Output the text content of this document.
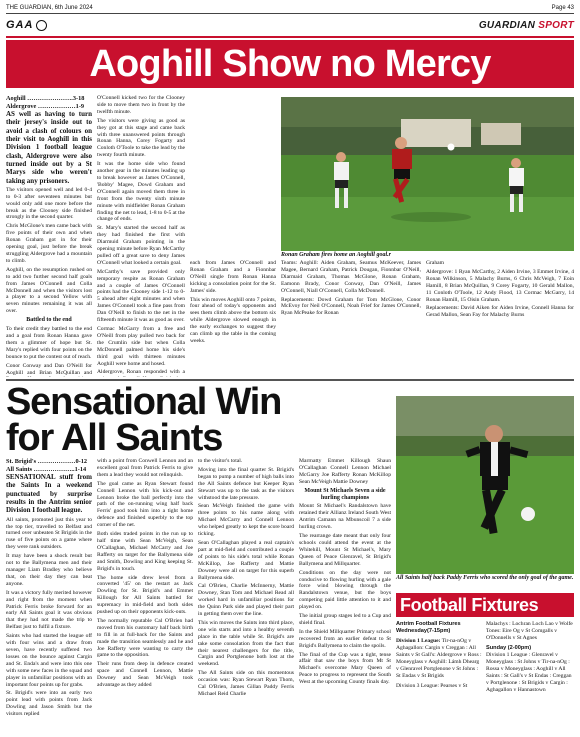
THE GUARDIAN, 6th June 2024	Page 43
GAA	GUARDIAN SPORT
Aoghill Show no Mercy
Aoghill ………………….3-18
Aldergrove ………………1-9

AS well as having to turn their jersey's inside out to avoid a clash of colours on their visit to Aoghill in this Division 1 football league clash, Aldergrove were also turned inside out by a St Marys side who weren't taking any prisoners.

The visitors opened well and led 0-4 to 0-3 after seventeen minutes but would only add one more before the break as the Clooney side finished strongly in the second quarter.

Chris McGlone's men came back with five points of their own and when Ronan Graham got in for their opening goal, just before the break struggling Aldergrove had a mountain to climb.

Aoghill, on the resumption rushed on to add two further second half goals from James O'Connell and Colla McDonnell and when the visitors lost a player to a second Yellow with seven minutes remaining it was all over.

Battled to the end

To their credit they battled to the end and a goal from Ronan Hanna gave them a glimmer of hope but St. Mary's replied with four points on the bounce to put the contest out of reach.

Conor Conway and Dan O'Neill for Aoghill and Brian McQuillan and

O'Connell kicked two for the Clooney side to move them two in front by the twelfth minute.

The visitors were giving as good as they got at this stage and came back with three unanswered points through Ronan Hanna, Corey Fogarty and Conloth O'Toole to take the lead by the twenty fourth minute.

It was the home side who found another gear in the minutes leading up to break however as James O'Connell, 'Bobby' Magee, Dowd Graham and O'Connell again moved them three in front from the twenty sixth minute minute with midfielder Ronan Graham finding the net to lead, 1-8 to 0-5 at the change of ends.

St. Mary's started the second half as they had finished the first with Diarmuid Graham pointing in the opening minute before Ryan McCarthy pulled off a great save to deny James O'Connell what looked a certain goal.

McCarthy's save provided only temporary respite as Ronan Graham and a couple of James O'Connell points had the Clooney side 1-12 to 0-5 ahead after eight minutes and when James O'Connell took a fine pass from Dan O'Neill to finish to the net in the fifteenth minute it was as good as over.

Cormac McGarry from a free and O'Neill from play pulled two back for the Crumlin side but when Colla McDonnell palmed home his side's third goal with thirteen minutes Aoghill were home and hosed.

Aldergrove, Ronan responded with a

Ronan Graham fires home an Aoghill goal.r

each from James O'Connell and Ronan Graham and a Fionnbar O'Neill single from Ronan Hanna kicking a consolation point for the St. James' side.

This win moves Aoghill onto 7 points, four ahead of today's opponents and sees them climb above the bottom six while Aldergrove slowed enough in the early exchanges to suggest they can climb up the table in the coming weeks.

Teams: Aoghill: Aiden Graham, Seamus McKeever, James Magee, Bernard Graham, Patrick Dougan, Fionnbar O'Neill, Diarmaid Graham, Thomas McGlone, Ronan Graham, Eamonn Brady, Conor Conway, Dan O'Neill, James O'Connell, Niall O'Connell, Colla McDonnell.

Replacements: Dowd Graham for Tom McGlone, Conor McEvoy for Neil O'Connell, Noah Frief for James O'Connell, Ryan McPeake for Ronan

Graham

Aldergrove: 1 Ryan McCarthy, 2 Aiden Irvine, 3 Emmet Irvine, 4 Ronan Wilkinson, 5 Malachy Burns, 6 Chris McVeigh, 7 Eoin Hamill, 8 Brian McQuillan, 9 Corey Fogarty, 10 Gerald Mallon, 11 Conloth O'Toole, 12 Andy Flood, 13 Cormac McGarry, 14 Ronan Hamill, 15 Oisin Graham.

Replacements: David Aiken for Aiden Irvine, Connell Hanna for Gerad Mallon, Sean Fay for Malachy Burns

Sensational Win
for All Saints
St. Brigid's ………………0-12
All Saints ………………..1-14

SENSATIONAL stuff from the Saints In a weekend punctuated by surprise results in the Antrim senior Division I football league.

All saints, promoted just this year to the top tier, travelled to Belfast and turned over unbeaten St Brigids in the ruse of five points on a game where they were rank outsiders.

It may have been a shock result but not to the Ballymena men and their manager Liam Bradley who believe that, on their day they can beat anyone.

It was a victory fully merited however and right from the moment when Patrick Ferris broke forward for an early All Saints goal it was obvious that they had not made the trip to Belfast just to fulfil a fixture.

Saints who had started the league off with four wins and a draw from seven, have recently suffered two losses on the bounce against Cargin and St. Enda's and were into this one with some new faces in the squad and player in unfamiliar positions with an important four points up for grabs.

St. Brigid's were into an early two point lead with points from Jack Dowling and Jason Smith but the visitors replied

with a point from Conwell Lennon and an excellent goal from Patrick Ferris to give them a lead they would not relinquish.

The goal came as Ryan Stewart found Connell Lennon with his kick-out and Lennon broke the ball perfectly into the path of the on-running wing half back Ferris' good took him into a tight home defence and finished superbly to the top corner of the net.

Both sides traded points in the run up to half time with Sean McVeigh, Sean O'Callaghan, Michael McCarry and Joe Rafferty on target for the Ballymena side and Smith, Dowling and King keeping St. Brigid's in touch.

The home side drew level from a converted '45' on the restart as Jack Dowling for St. Brigid's and Emmet Killough for All Saints battled for supremacy in mid-field and both sides pushed up on their opponents kick-outs.

The normally reputable Cal O'Brien had moved from his customary half back birth to fill in at full-back for the Saints and made the transition seamlessly and he and Joe Rafferty were wanting to carry the game to the opposition.

Their runs from deep in defence created space and Connell Lennon, Mattie Downey and Sean McVeigh took advantage as they added

to the visitor's total.

Moving into the final quarter St. Brigid's began to pump a number of high balls into the All Saints defence but Keeper Ryan Stewart was up to the task as the visitors withstood the late pressure.

Sean McVeigh finished the game with three points to his name along with Michael McCarry and Connell Lennon who helped greatly to kept the score board ticking.

Sean O'Callaghan played a real captain's part at mid-field and contributed a couple of points to his side's total while Ronan McKillop, Joe Rafferty and Mattie Downey were all on target for this superb Ballymena side.

Cal O'Brien, Charlie McInnerny, Mattie Downey, Stan Tom and Michael Read all worked hard in unfamiliar positions for the Quinn Park side and played their part in getting them over the line.

This win moves the Saints into third place, one win starts and into a healthy seventh place in the table while St. Brigid's are take some consolation from the fact that their nearest challengers for the title, Cargin and Portglenone both lost at the weekend.

The All Saints side on this momentous occasion was: Ryan Stewart Ryan Thom, Cal O'Brien, James Gillan Paddy Ferris Michael Reid Charlie

Marrnatty Emmet Killough Shaun O'Callaghan Connell Lennon Michael McGarry Joe Rafferty Ronan McKillop Sean McVeigh Mattie Downey

Mount St Michaels Seven a side hurling champions

Mount St Michael's Randalstown have retained their Allianz Ireland South West Antrim Camann na Mbunscoil 7 a side hurling crown.

The rearrange date meant that only four schools could attend the event at the Whitehill, Mount St Michael's, Mary Queen of Peace Glenravel, St Brigid's Ballymena and Millquarter.

Conditions on the day were not conducive to flowing hurling with a gale force wind blowing through the Randalstown venue, but the boys competing paid little attention to it and played on.

The initial group stages led to a Cup and shield final.

In the Shield Millquarter Primary school recovered from an earlier defeat to St Brigid's Ballymena to claim the spoils.

The final of the Cup was a tight, tense affair that saw the boys from Mt St Michael's overcome Mary Queen of Peace to progress to represent the South West at the upcoming County finals day.

All Saints half back Paddy Ferris who scored the only goal of the game.
Football Fixtures
Antrim Football Fixtures Wednesday(7-15pm)
Division 1 League: Tir-na-nOg v Aghagallon: Cargin v Creggan : All Saints v St Gall's: Aldergrove v Ross : Moneyglass v Aoghill: Lámh Dhearg v Glenravel Portglenone v St Johns : St Endas v St Brigids
Division 3 League: Pearses v St
Malachys : Lochran Loch Lao v Wolfe Tones: Eire Og v St Comgalls v O'Donnells v St Agnes
Sunday (2-00pm)
Division 1 League : Glenravel v Moneyglass : St Johns v Tir-na-nOg : Rossa v Moneyglass : Aoghill v All Saints : St Gall's v St Endas : Creggan v Portglenone : St Brigids v Cargin : Aghagallon v Hannastown
